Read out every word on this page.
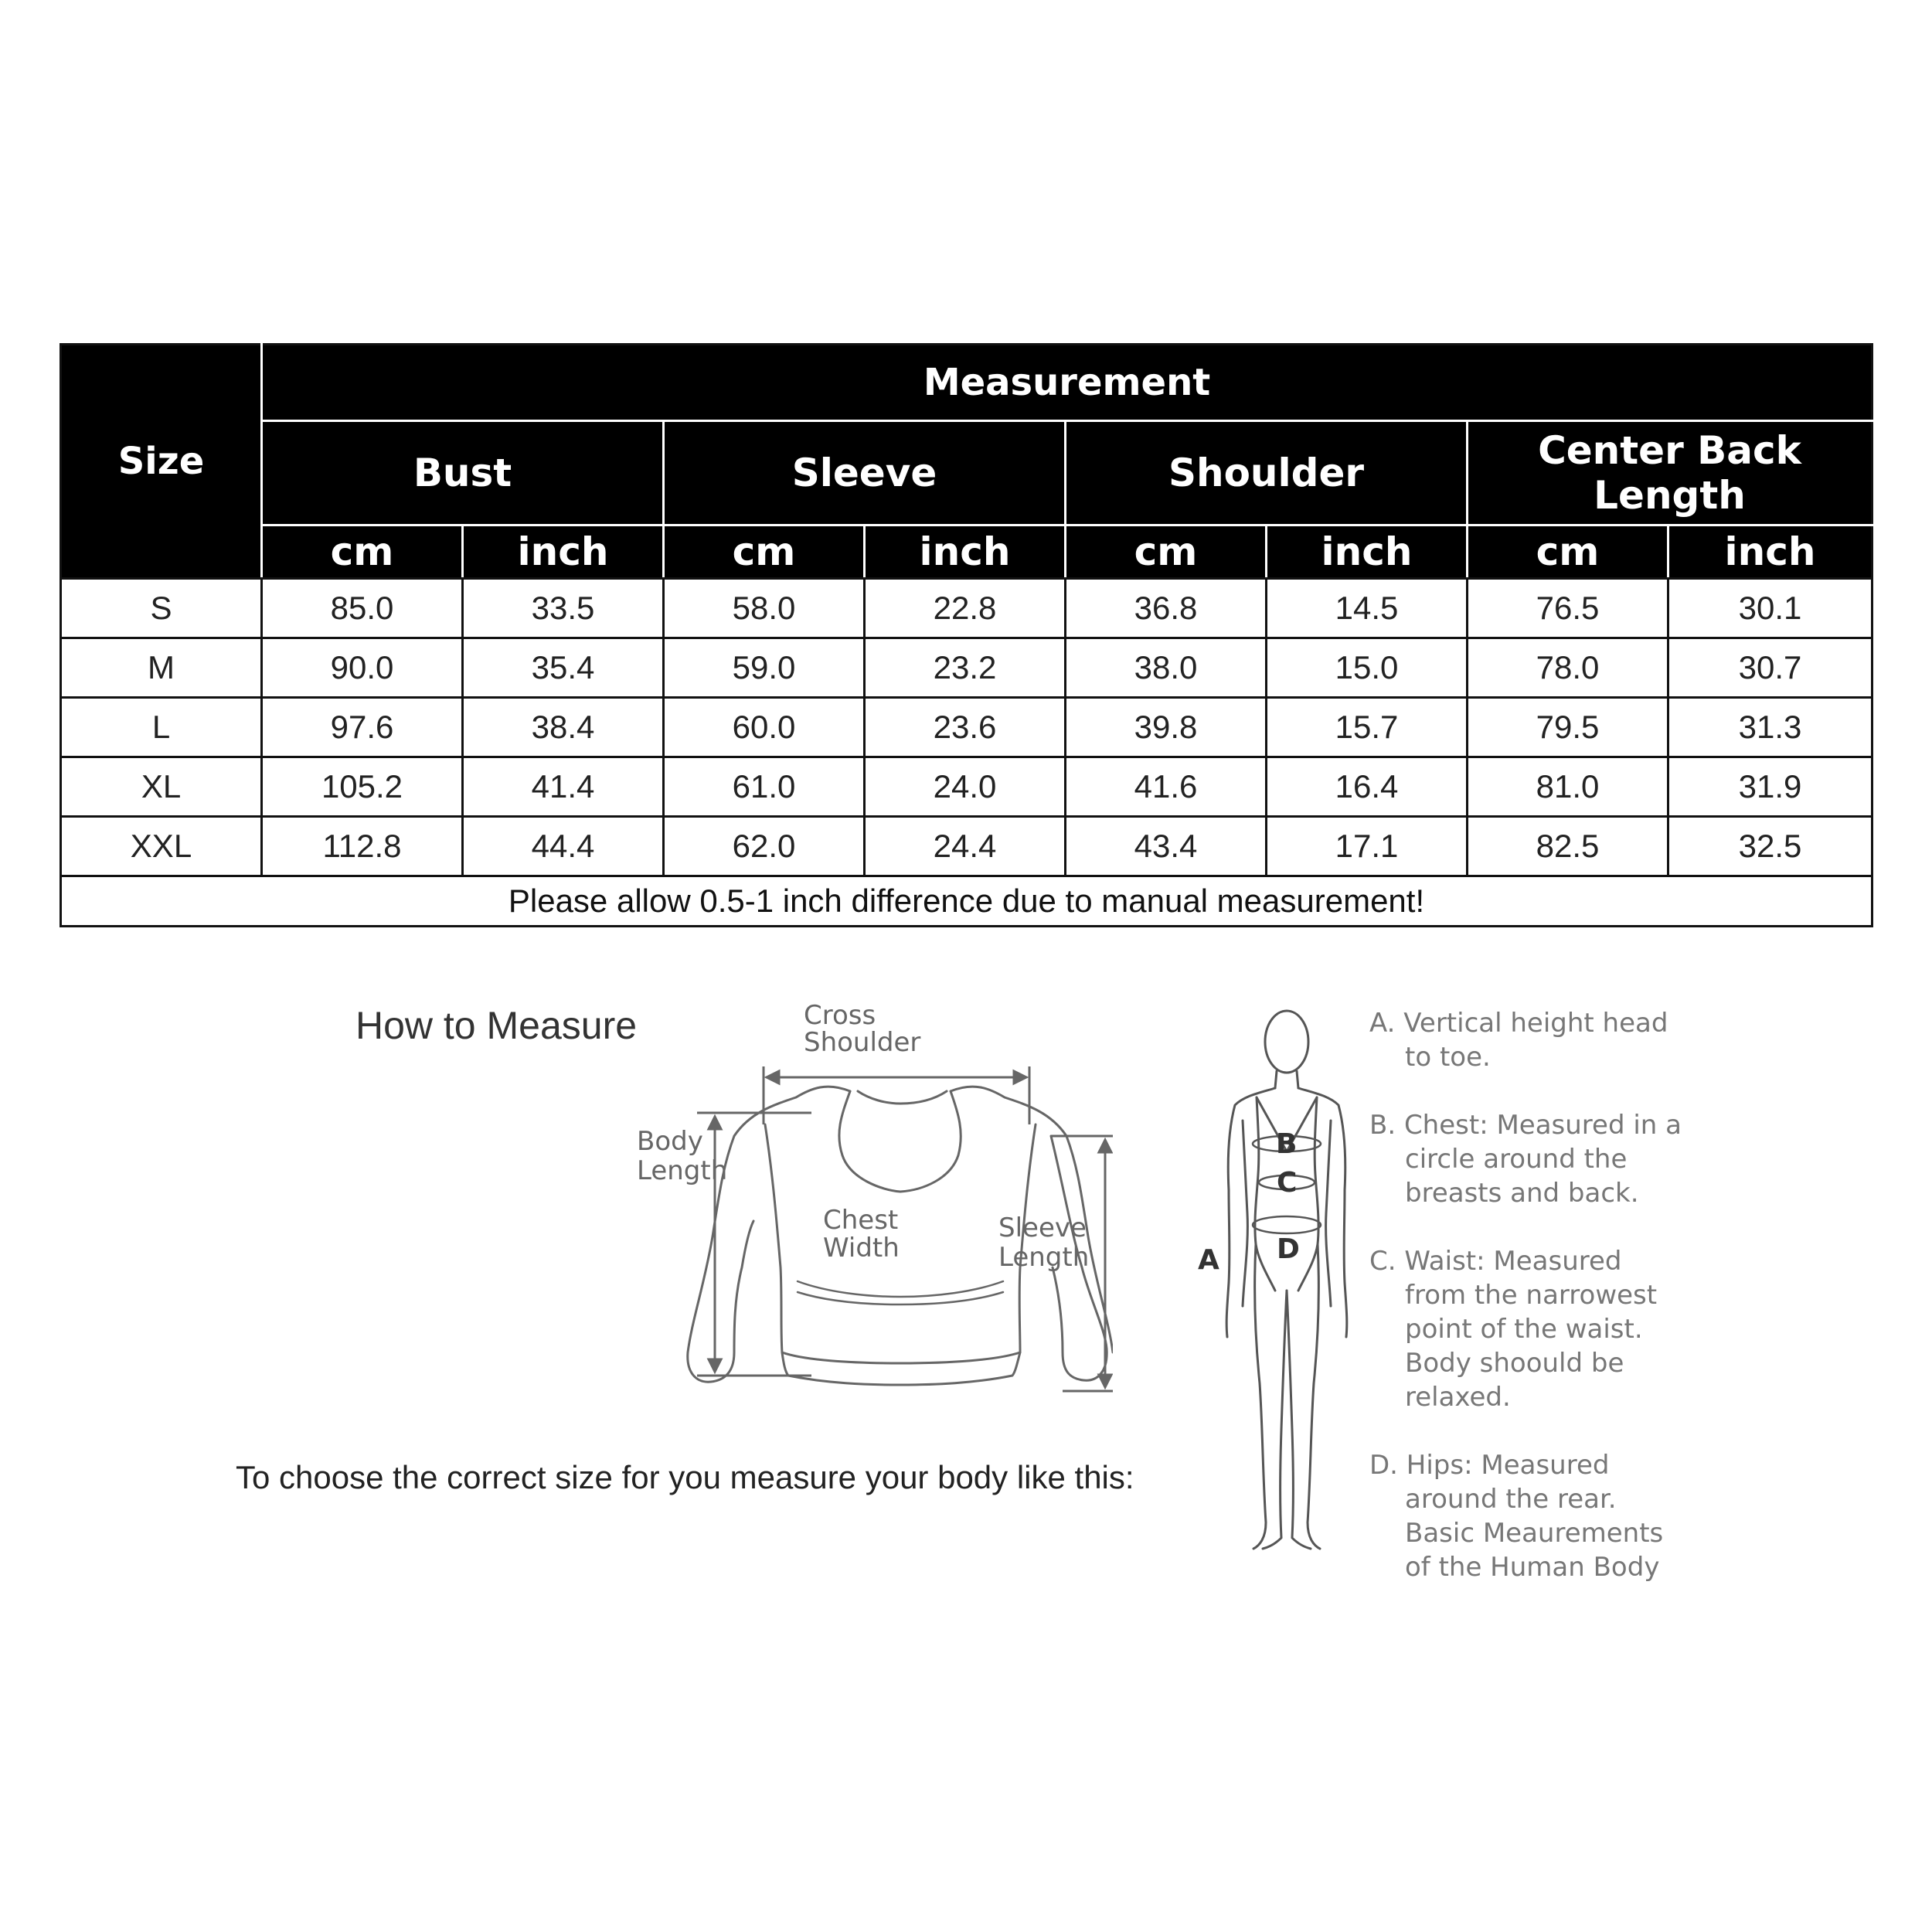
Size	Measurement							
	Bust		Sleeve		Shoulder		Center Back Length	
	cm	inch	cm	inch	cm	inch	cm	inch
S	85.0	33.5	58.0	22.8	36.8	14.5	76.5	30.1
M	90.0	35.4	59.0	23.2	38.0	15.0	78.0	30.7
L	97.6	38.4	60.0	23.6	39.8	15.7	79.5	31.3
XL	105.2	41.4	61.0	24.0	41.6	16.4	81.0	31.9
XXL	112.8	44.4	62.0	24.4	43.4	17.1	82.5	32.5
Please allow 0.5-1 inch difference due to manual measurement!								
How to Measure
To choose the correct size for you measure your body like this:
Cross
Shoulder
Body
Length
Chest
Width
Sleeve
Length
B
C
D
A
A. Vertical height head
to toe.
B. Chest: Measured in a
circle around the
breasts and back.
C. Waist: Measured
from the narrowest
point of the waist.
Body shoould be
relaxed.
D. Hips: Measured
around the rear.
Basic Meaurements
of the Human Body
